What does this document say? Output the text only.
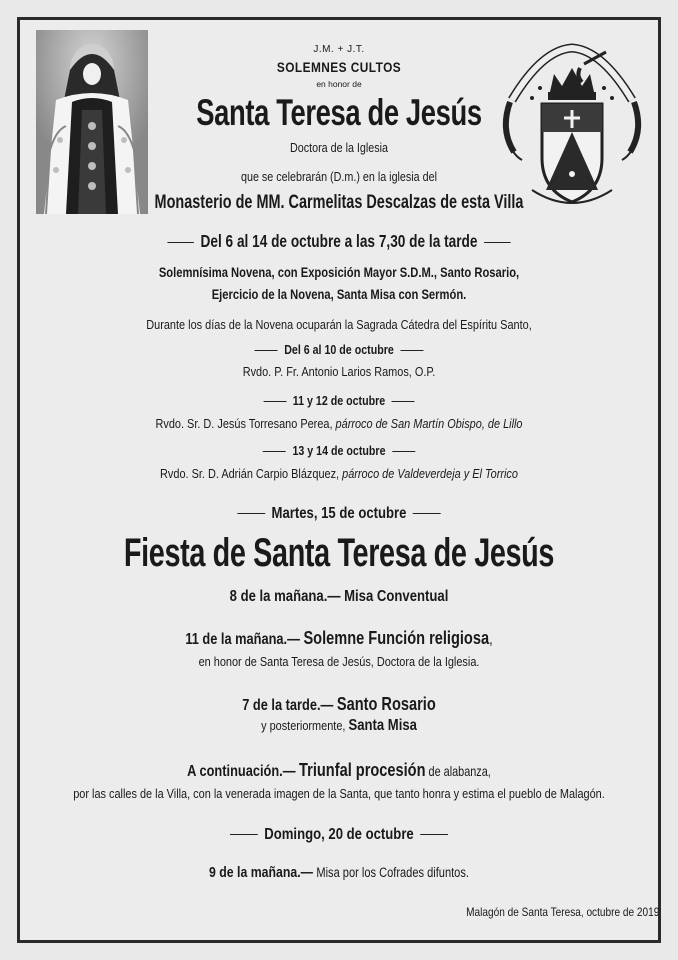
J.M. + J.T.
SOLEMNES CULTOS
en honor de
Santa Teresa de Jesús
Doctora de la Iglesia
que se celebrarán (D.m.) en la iglesia del
Monasterio de MM. Carmelitas Descalzas de esta Villa
Del 6 al 14 de octubre a las 7,30 de la tarde
Solemnísima Novena, con Exposición Mayor S.D.M., Santo Rosario,
Ejercicio de la Novena, Santa Misa con Sermón.
Durante los días de la Novena ocuparán la Sagrada Cátedra del Espíritu Santo,
Del 6 al 10 de octubre
Rvdo. P. Fr. Antonio Larios Ramos, O.P.
11 y 12 de octubre
Rvdo. Sr. D. Jesús Torresano Perea, párroco de San Martín Obispo, de Lillo
13 y 14 de octubre
Rvdo. Sr. D. Adrián Carpio Blázquez, párroco de Valdeverdeja y El Torrico
Martes, 15 de octubre
Fiesta de Santa Teresa de Jesús
8 de la mañana.— Misa Conventual
11 de la mañana.— Solemne Función religiosa,
en honor de Santa Teresa de Jesús, Doctora de la Iglesia.
7 de la tarde.— Santo Rosario
y posteriormente, Santa Misa
A continuación.— Triunfal procesión de alabanza,
por las calles de la Villa, con la venerada imagen de la Santa, que tanto honra y estima el pueblo de Malagón.
Domingo, 20 de octubre
9 de la mañana.— Misa por los Cofrades difuntos.
Malagón de Santa Teresa, octubre de 2019
